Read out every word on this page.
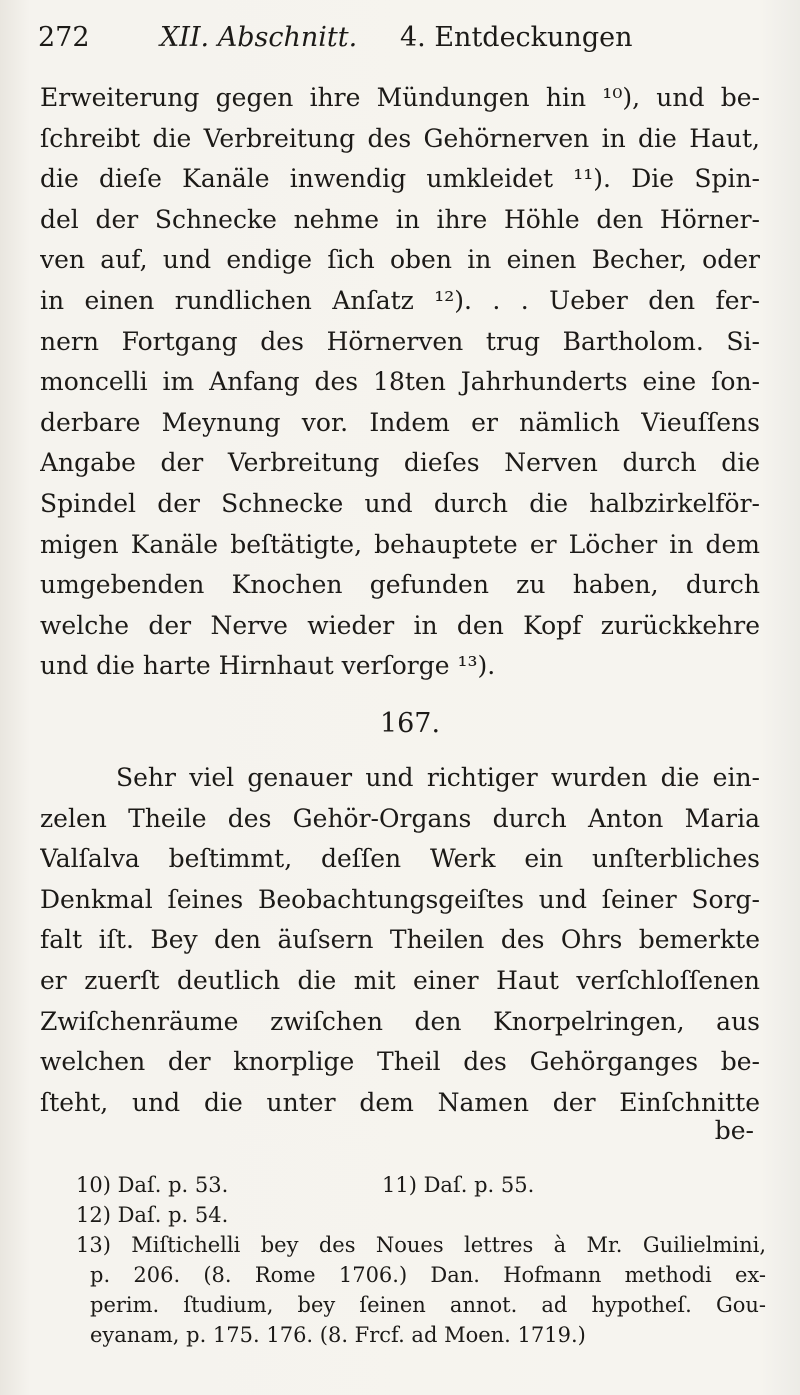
272	XII. Abschnitt. 4. Entdeckungen
Erweiterung gegen ihre Mündungen hin ¹⁰), und be-
ſchreibt die Verbreitung des Gehörnerven in die Haut,
die dieſe Kanäle inwendig umkleidet ¹¹). Die Spin-
del der Schnecke nehme in ihre Höhle den Hörner-
ven auf, und endige ſich oben in einen Becher, oder
in einen rundlichen Anſatz ¹²). . . Ueber den fer-
nern Fortgang des Hörnerven trug Bartholom. Si-
moncelli im Anfang des 18ten Jahrhunderts eine ſon-
derbare Meynung vor. Indem er nämlich Vieuſſens
Angabe der Verbreitung dieſes Nerven durch die
Spindel der Schnecke und durch die halbzirkelför-
migen Kanäle beſtätigte, behauptete er Löcher in dem
umgebenden Knochen gefunden zu haben, durch
welche der Nerve wieder in den Kopf zurückkehre
und die harte Hirnhaut verſorge ¹³).
167.
Sehr viel genauer und richtiger wurden die ein-
zelen Theile des Gehör-Organs durch Anton Maria
Valſalva beſtimmt, deſſen Werk ein unſterbliches
Denkmal ſeines Beobachtungsgeiſtes und ſeiner Sorg-
falt iſt. Bey den äuſsern Theilen des Ohrs bemerkte
er zuerſt deutlich die mit einer Haut verſchloſſenen
Zwiſchenräume zwiſchen den Knorpelringen, aus
welchen der knorplige Theil des Gehörganges be-
ſteht, und die unter dem Namen der Einſchnitte
be-
10) Daſ. p. 53.	11) Daſ. p. 55.
12) Daſ. p. 54.
13) Miſtichelli bey des Noues lettres à Mr. Guilielmini,
p. 206. (8. Rome 1706.) Dan. Hofmann methodi ex-
perim. ſtudium, bey ſeinen annot. ad hypotheſ. Gou-
eyanam, p. 175. 176. (8. Frcf. ad Moen. 1719.)
